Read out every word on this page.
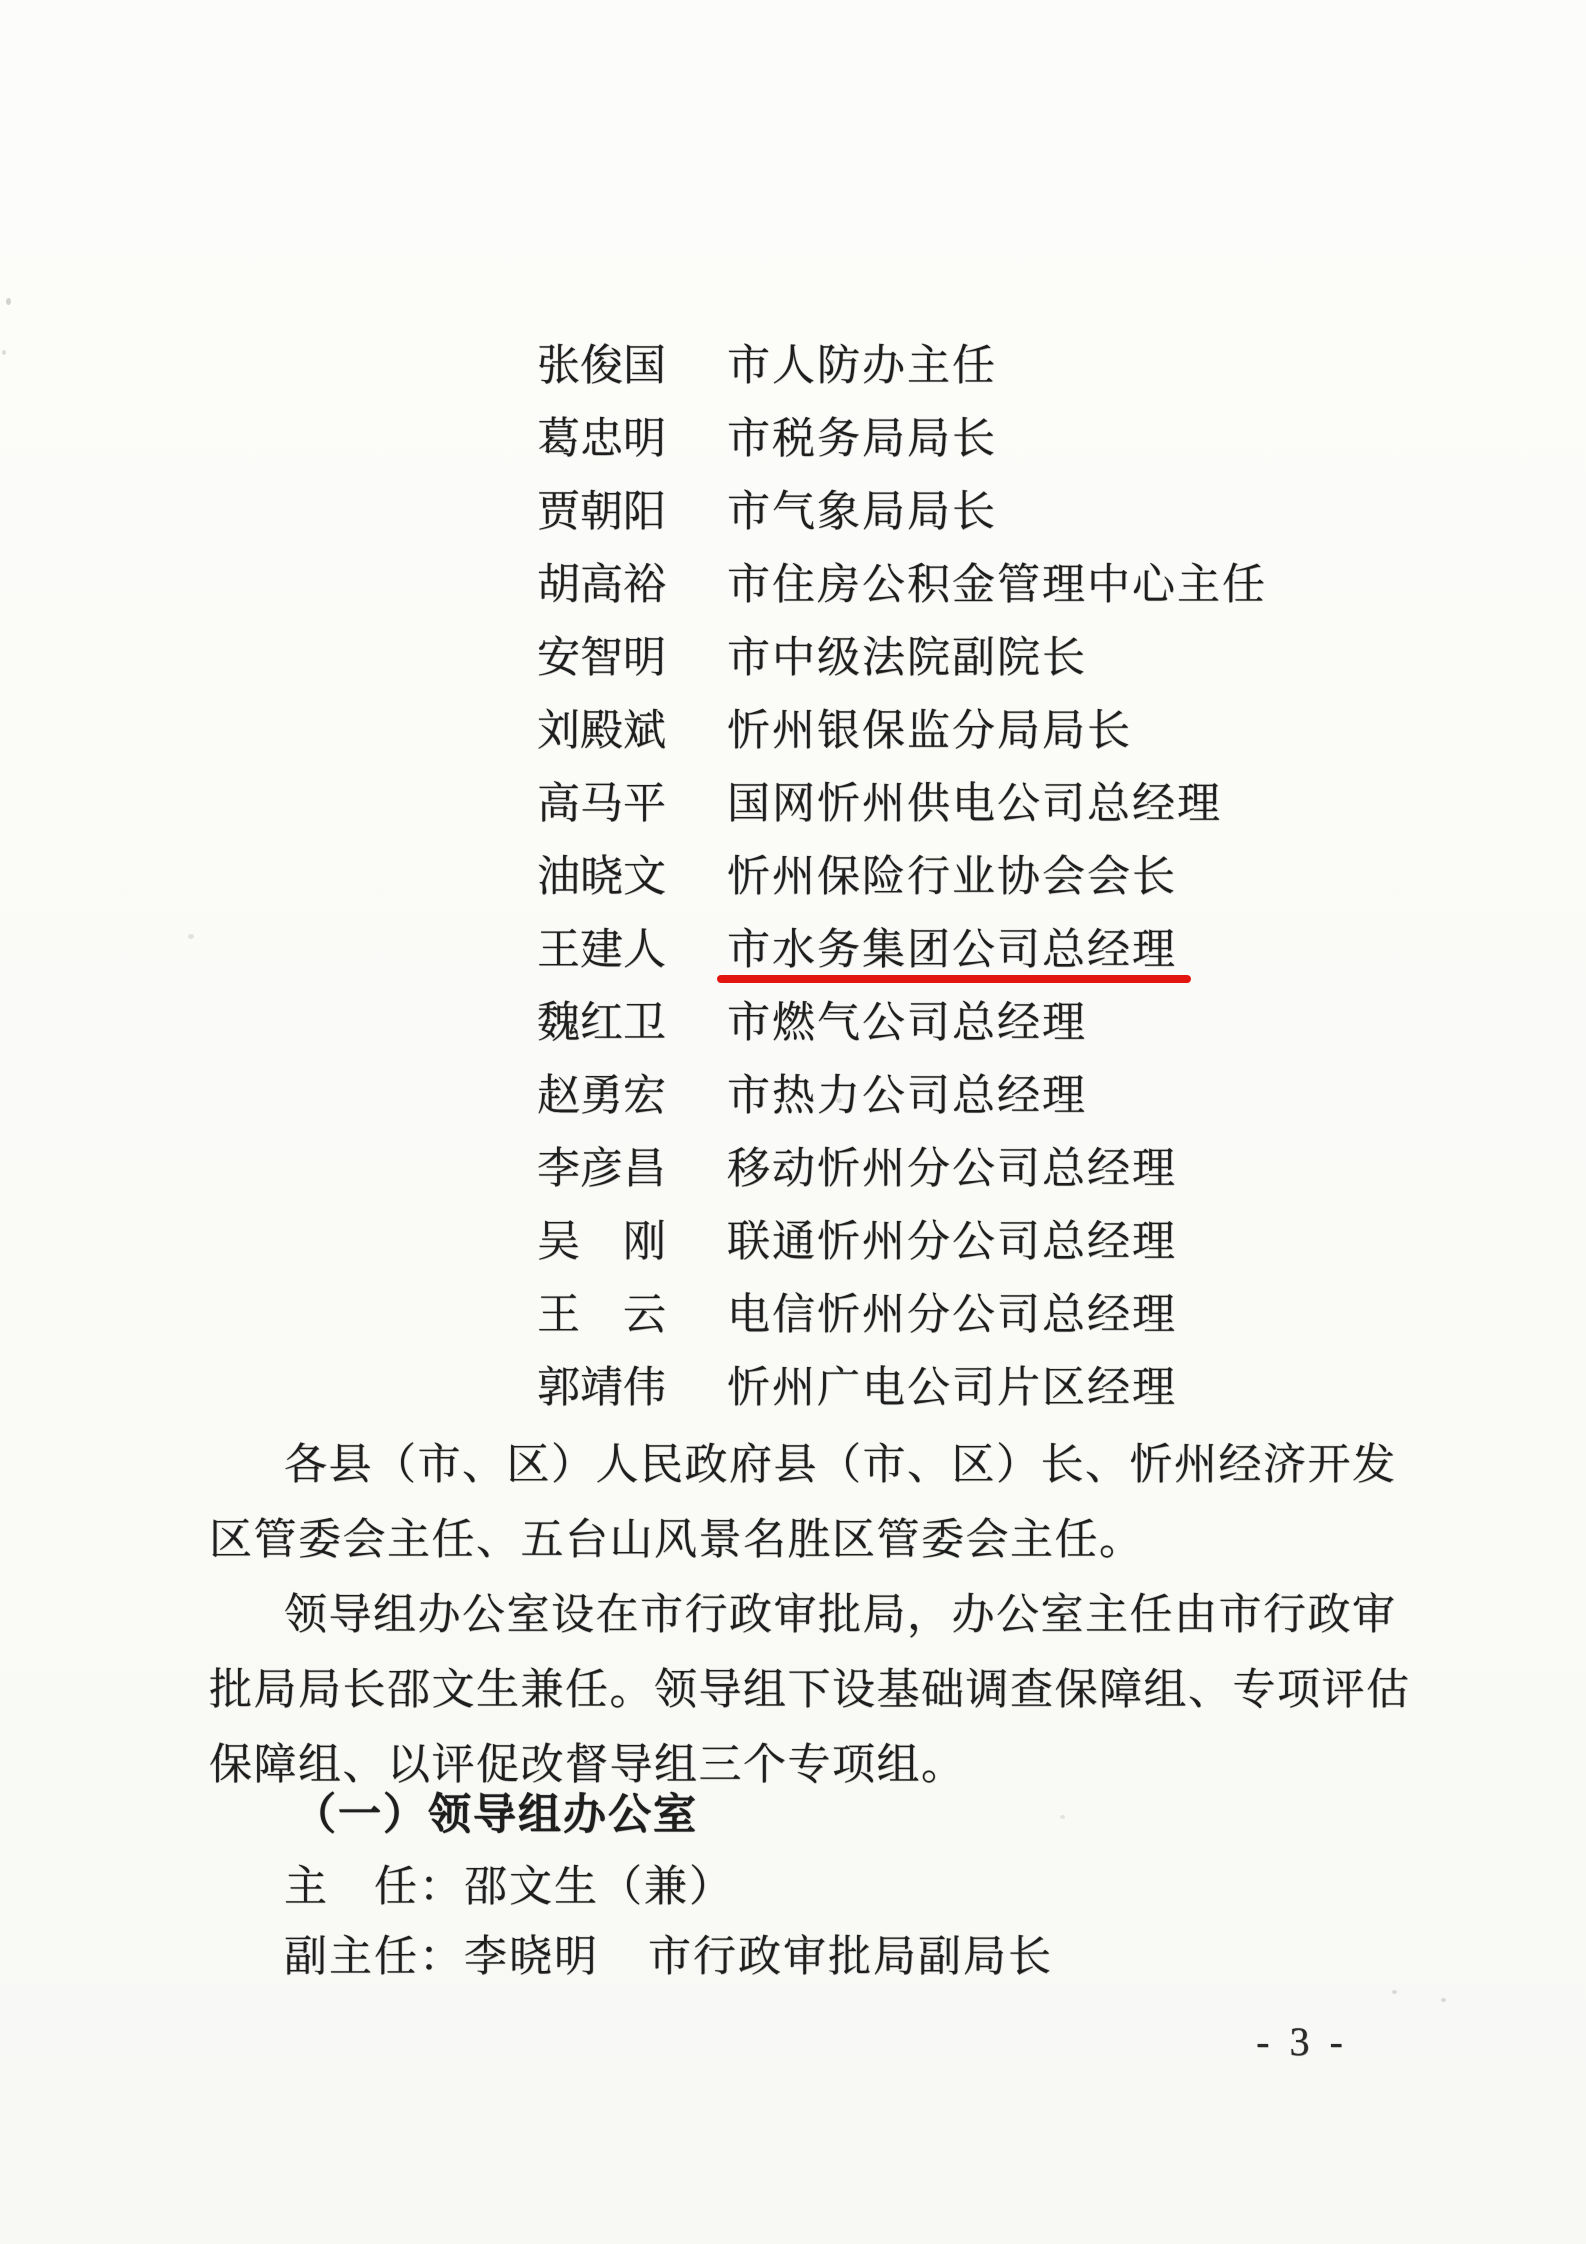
张俊国 市人防办主任
葛忠明 市税务局局长
贾朝阳 市气象局局长
胡高裕 市住房公积金管理中心主任
安智明 市中级法院副院长
刘殿斌 忻州银保监分局局长
高马平 国网忻州供电公司总经理
油晓文 忻州保险行业协会会长
王建人 市水务集团公司总经理
魏红卫 市燃气公司总经理
赵勇宏 市热力公司总经理
李彦昌 移动忻州分公司总经理
吴刚 联通忻州分公司总经理
王云 电信忻州分公司总经理
郭靖伟 忻州广电公司片区经理
各县（市、区）人民政府县（市、区）长、忻州经济开发
区管委会主任、五台山风景名胜区管委会主任。
领导组办公室设在市行政审批局，办公室主任由市行政审
批局局长邵文生兼任。领导组下设基础调查保障组、专项评估
保障组、以评促改督导组三个专项组。
（一）领导组办公室
主　任：邵文生（兼）
副主任：李晓明 市行政审批局副局长
- 3 -
